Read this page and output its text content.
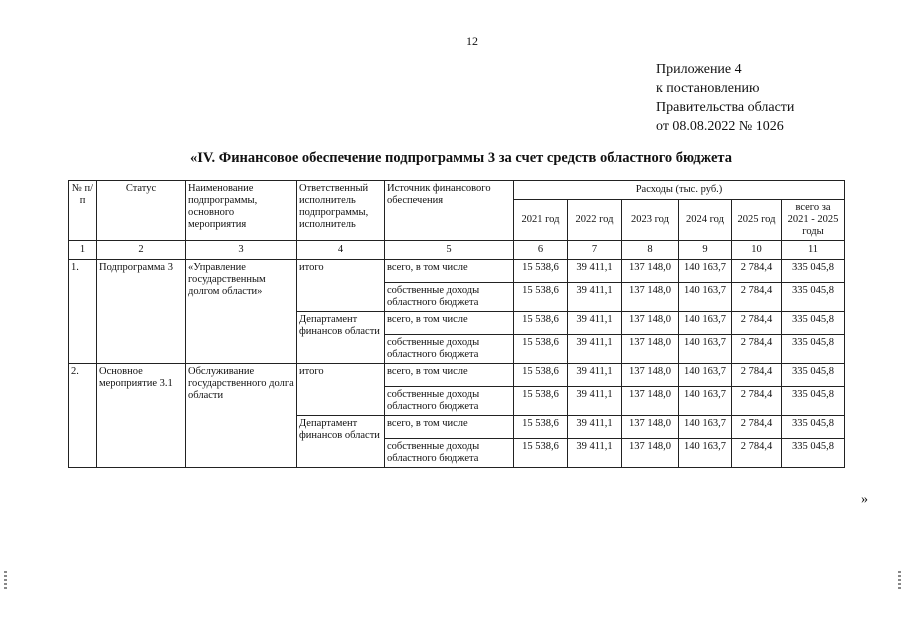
12
Приложение 4
к постановлению
Правительства области
от 08.08.2022 № 1026
«IV. Финансовое обеспечение подпрограммы 3 за счет средств областного бюджета
№ п/п	Статус	Наименование подпрограммы, основного мероприятия	Ответственный исполнитель подпрограммы, исполнитель	Источник финансового обеспечения	Расходы (тыс. руб.)					
					2021 год	2022 год	2023 год	2024 год	2025 год	всего за 2021 - 2025 годы
1	2	3	4	5	6	7	8	9	10	11
1.	Подпрограмма 3	«Управление государственным долгом области»	итого	всего, в том числе	15 538,6	39 411,1	137 148,0	140 163,7	2 784,4	335 045,8
				собственные доходы областного бюджета	15 538,6	39 411,1	137 148,0	140 163,7	2 784,4	335 045,8
			Департамент финансов области	всего, в том числе	15 538,6	39 411,1	137 148,0	140 163,7	2 784,4	335 045,8
				собственные доходы областного бюджета	15 538,6	39 411,1	137 148,0	140 163,7	2 784,4	335 045,8
2.	Основное мероприятие 3.1	Обслуживание государственного долга области	итого	всего, в том числе	15 538,6	39 411,1	137 148,0	140 163,7	2 784,4	335 045,8
				собственные доходы областного бюджета	15 538,6	39 411,1	137 148,0	140 163,7	2 784,4	335 045,8
			Департамент финансов области	всего, в том числе	15 538,6	39 411,1	137 148,0	140 163,7	2 784,4	335 045,8
				собственные доходы областного бюджета	15 538,6	39 411,1	137 148,0	140 163,7	2 784,4	335 045,8
»
